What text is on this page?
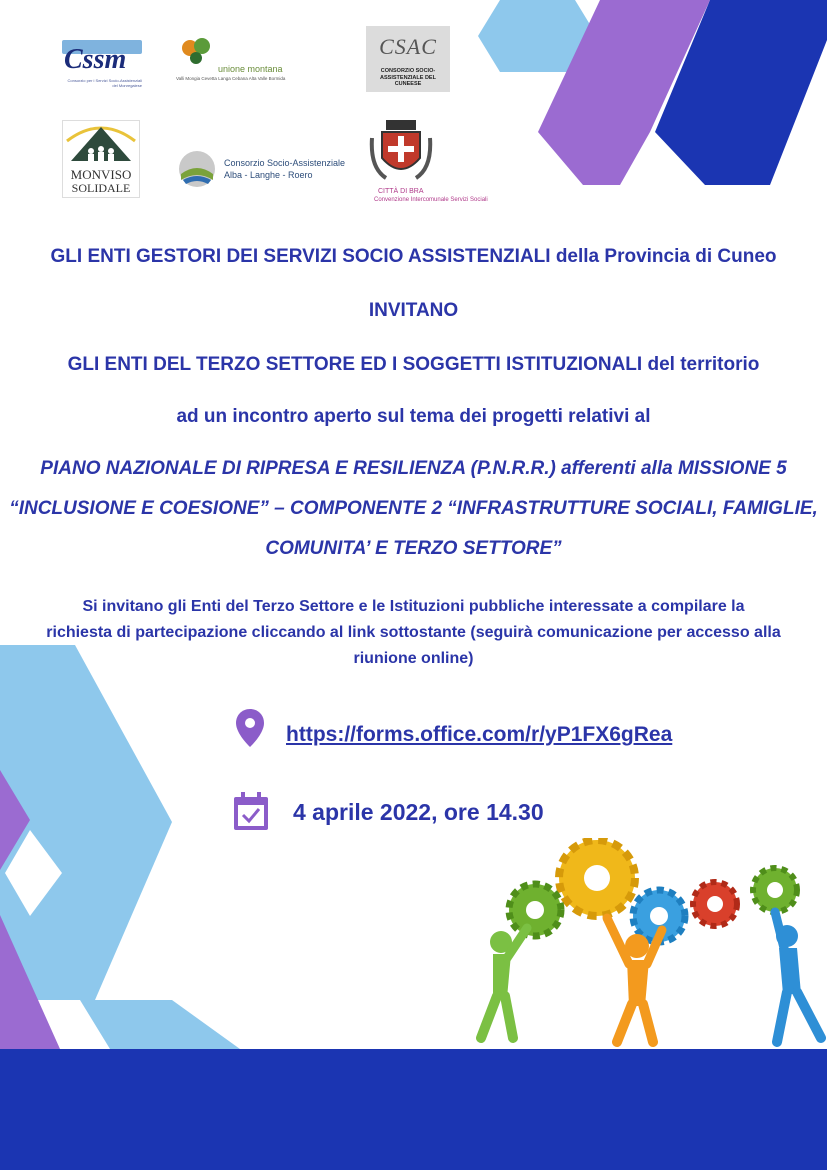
Cssm
Consorzio per i Servizi Socio-Assistenziali del Monregalese
unione montana
Valli Mongia Cevetta Langa Cebana Alta Valle Bormida
CSAC
CONSORZIO SOCIO-ASSISTENZIALE DEL CUNEESE
MONVISO
SOLIDALE
Consorzio Socio-Assistenziale
Alba - Langhe - Roero
CITTÀ DI BRA
Convenzione Intercomunale Servizi Sociali
GLI ENTI GESTORI DEI SERVIZI SOCIO ASSISTENZIALI della Provincia di Cuneo
INVITANO
GLI ENTI DEL TERZO SETTORE ED I SOGGETTI ISTITUZIONALI del territorio
ad un incontro aperto sul tema dei progetti relativi al
PIANO NAZIONALE DI RIPRESA E RESILIENZA (P.N.R.R.) afferenti alla MISSIONE 5
“INCLUSIONE E COESIONE” – COMPONENTE 2 “INFRASTRUTTURE SOCIALI, FAMIGLIE,
COMUNITA’ E TERZO SETTORE”
Si invitano gli Enti del Terzo Settore e le Istituzioni pubbliche interessate a compilare la
richiesta di partecipazione cliccando al link sottostante (seguirà comunicazione per accesso alla
riunione online)
https://forms.office.com/r/yP1FX6gRea
4 aprile 2022, ore 14.30
